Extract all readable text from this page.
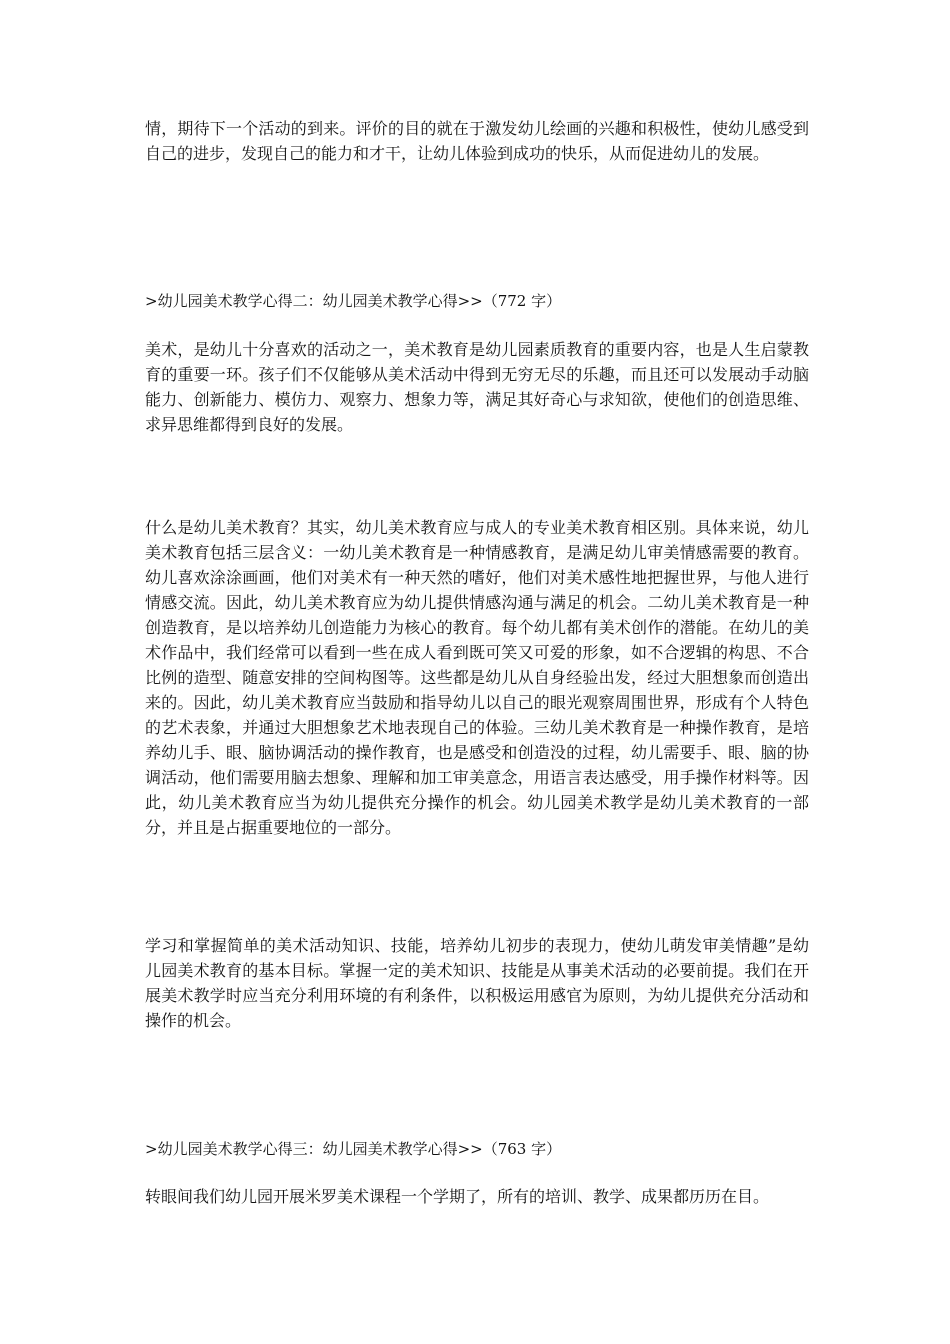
情，期待下一个活动的到来。评价的目的就在于激发幼儿绘画的兴趣和积极性，使幼儿感受到自己的进步，发现自己的能力和才干，让幼儿体验到成功的快乐，从而促进幼儿的发展。

>幼儿园美术教学心得二：幼儿园美术教学心得>>（772 字）

美术，是幼儿十分喜欢的活动之一，美术教育是幼儿园素质教育的重要内容，也是人生启蒙教育的重要一环。孩子们不仅能够从美术活动中得到无穷无尽的乐趣，而且还可以发展动手动脑能力、创新能力、模仿力、观察力、想象力等，满足其好奇心与求知欲，使他们的创造思维、求异思维都得到良好的发展。

什么是幼儿美术教育？其实，幼儿美术教育应与成人的专业美术教育相区别。具体来说，幼儿美术教育包括三层含义：一幼儿美术教育是一种情感教育，是满足幼儿审美情感需要的教育。幼儿喜欢涂涂画画，他们对美术有一种天然的嗜好，他们对美术感性地把握世界，与他人进行情感交流。因此，幼儿美术教育应为幼儿提供情感沟通与满足的机会。二幼儿美术教育是一种创造教育，是以培养幼儿创造能力为核心的教育。每个幼儿都有美术创作的潜能。在幼儿的美术作品中，我们经常可以看到一些在成人看到既可笑又可爱的形象，如不合逻辑的构思、不合比例的造型、随意安排的空间构图等。这些都是幼儿从自身经验出发，经过大胆想象而创造出来的。因此，幼儿美术教育应当鼓励和指导幼儿以自己的眼光观察周围世界，形成有个人特色的艺术表象，并通过大胆想象艺术地表现自己的体验。三幼儿美术教育是一种操作教育，是培养幼儿手、眼、脑协调活动的操作教育，也是感受和创造没的过程，幼儿需要手、眼、脑的协调活动，他们需要用脑去想象、理解和加工审美意念，用语言表达感受，用手操作材料等。因此，幼儿美术教育应当为幼儿提供充分操作的机会。幼儿园美术教学是幼儿美术教育的一部分，并且是占据重要地位的一部分。

学习和掌握简单的美术活动知识、技能，培养幼儿初步的表现力，使幼儿萌发审美情趣”是幼儿园美术教育的基本目标。掌握一定的美术知识、技能是从事美术活动的必要前提。我们在开展美术教学时应当充分利用环境的有利条件，以积极运用感官为原则，为幼儿提供充分活动和操作的机会。

>幼儿园美术教学心得三：幼儿园美术教学心得>>（763 字）

转眼间我们幼儿园开展米罗美术课程一个学期了，所有的培训、教学、成果都历历在目。
